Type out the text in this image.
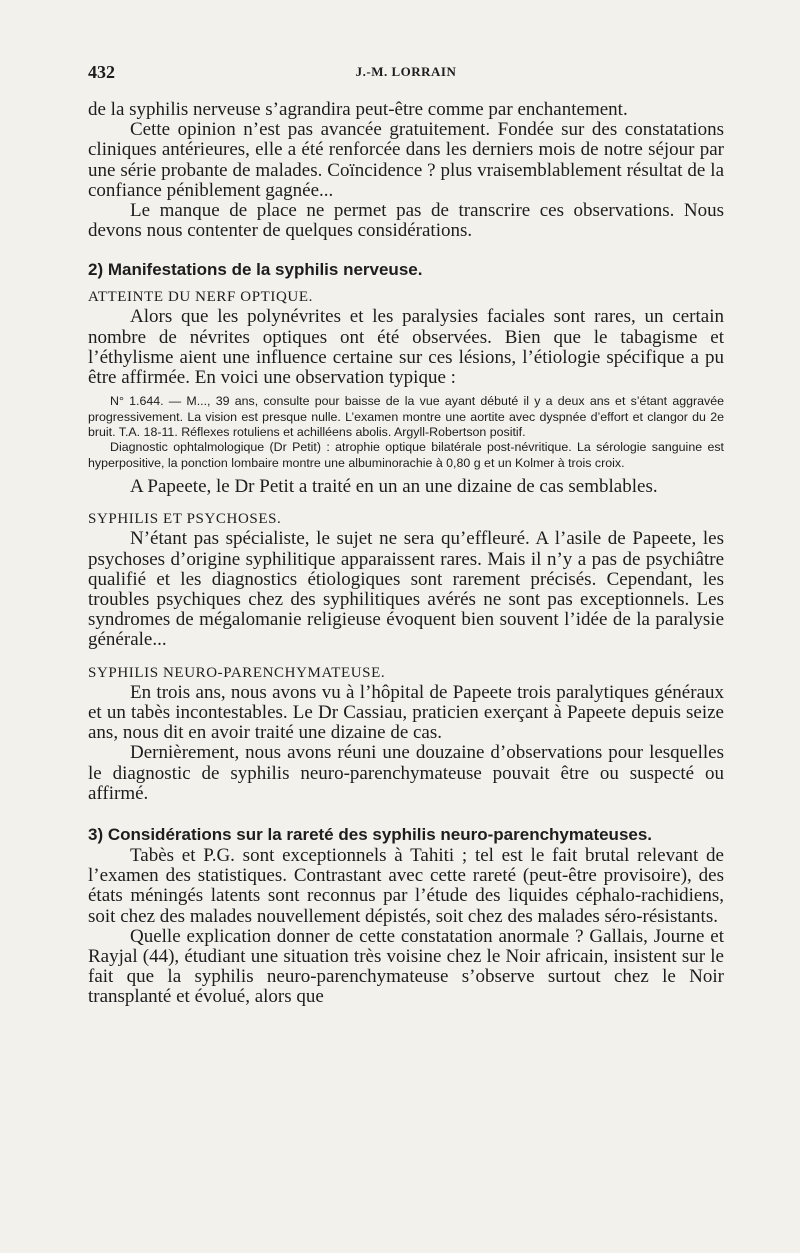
432	J.-M. LORRAIN

de la syphilis nerveuse s’agrandira peut-être comme par enchantement.

Cette opinion n’est pas avancée gratuitement. Fondée sur des constatations cliniques antérieures, elle a été renforcée dans les derniers mois de notre séjour par une série probante de malades. Coïncidence ? plus vraisemblablement résultat de la confiance péniblement gagnée...

Le manque de place ne permet pas de transcrire ces observations. Nous devons nous contenter de quelques considérations.

2) Manifestations de la syphilis nerveuse.
ATTEINTE DU NERF OPTIQUE.

Alors que les polynévrites et les paralysies faciales sont rares, un certain nombre de névrites optiques ont été observées. Bien que le tabagisme et l’éthylisme aient une influence certaine sur ces lésions, l’étiologie spécifique a pu être affirmée. En voici une observation typique :

N° 1.644. — M..., 39 ans, consulte pour baisse de la vue ayant débuté il y a deux ans et s’étant aggravée progressivement. La vision est presque nulle. L’examen montre une aortite avec dyspnée d’effort et clangor du 2e bruit. T.A. 18-11. Réflexes rotuliens et achilléens abolis. Argyll-Robertson positif.

Diagnostic ophtalmologique (Dr Petit) : atrophie optique bilatérale post-névritique. La sérologie sanguine est hyperpositive, la ponction lombaire montre une albuminorachie à 0,80 g et un Kolmer à trois croix.

A Papeete, le Dr Petit a traité en un an une dizaine de cas semblables.

SYPHILIS ET PSYCHOSES.

N’étant pas spécialiste, le sujet ne sera qu’effleuré. A l’asile de Papeete, les psychoses d’origine syphilitique apparaissent rares. Mais il n’y a pas de psychiâtre qualifié et les diagnostics étiologiques sont rarement précisés. Cependant, les troubles psychiques chez des syphilitiques avérés ne sont pas exceptionnels. Les syndromes de mégalomanie religieuse évoquent bien souvent l’idée de la paralysie générale...

SYPHILIS NEURO-PARENCHYMATEUSE.

En trois ans, nous avons vu à l’hôpital de Papeete trois paralytiques généraux et un tabès incontestables. Le Dr Cassiau, praticien exerçant à Papeete depuis seize ans, nous dit en avoir traité une dizaine de cas.

Dernièrement, nous avons réuni une douzaine d’observations pour lesquelles le diagnostic de syphilis neuro-parenchymateuse pouvait être ou suspecté ou affirmé.

3) Considérations sur la rareté des syphilis neuro-parenchymateuses.

Tabès et P.G. sont exceptionnels à Tahiti ; tel est le fait brutal relevant de l’examen des statistiques. Contrastant avec cette rareté (peut-être provisoire), des états méningés latents sont reconnus par l’étude des liquides céphalo-rachidiens, soit chez des malades nouvellement dépistés, soit chez des malades séro-résistants.

Quelle explication donner de cette constatation anormale ? Gallais, Journe et Rayjal (44), étudiant une situation très voisine chez le Noir africain, insistent sur le fait que la syphilis neuro-parenchymateuse s’observe surtout chez le Noir transplanté et évolué, alors que
